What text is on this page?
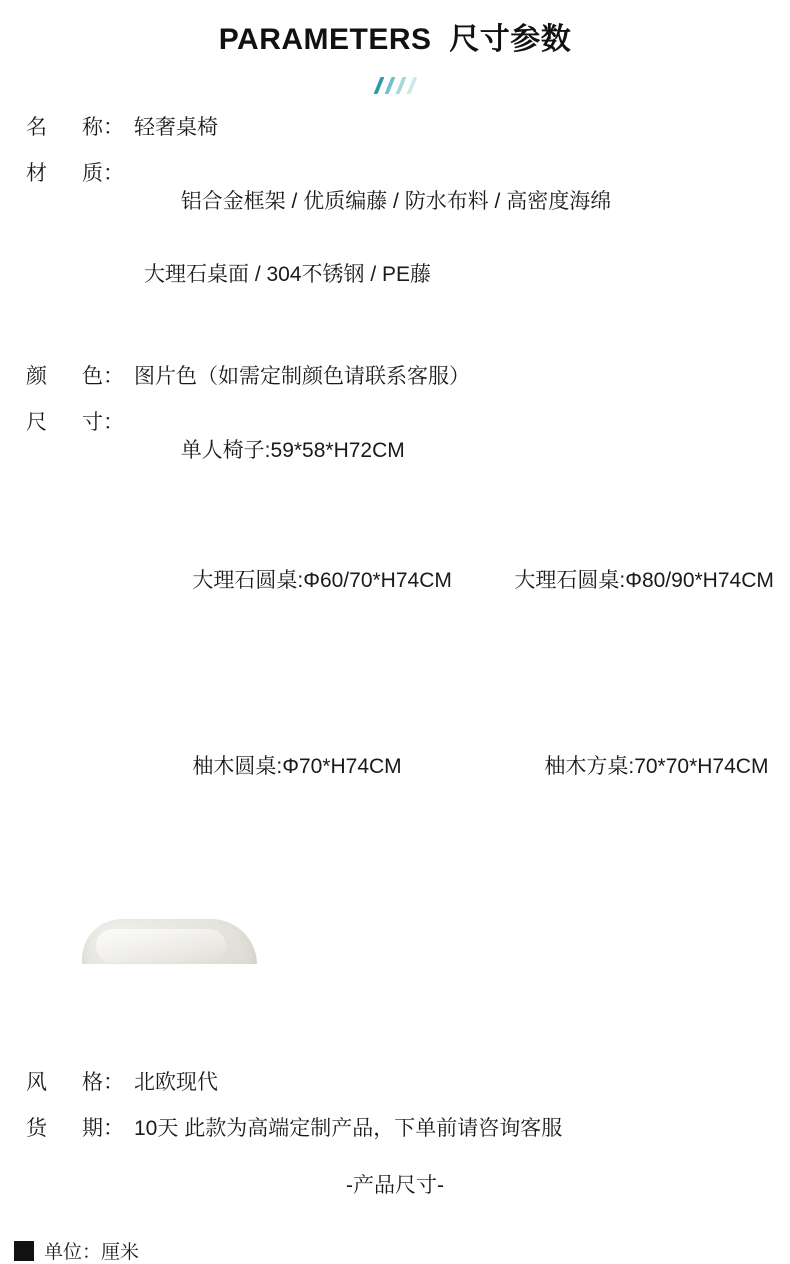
PARAMETERS  尺寸参数
名      称： 轻奢桌椅
材      质：

铝合金框架 / 优质编藤 / 防水布料 / 高密度海绵

大理石桌面 / 304不锈钢 / PE藤

颜      色： 图片色（如需定制颜色请联系客服）
尺      寸：

单人椅子:59*58*H72CM

大理石圆桌:Φ60/70*H74CM	大理石圆桌:Φ80/90*H74CM

柚木圆桌:Φ70*H74CM	柚木方桌:70*70*H74CM

风      格： 北欧现代
货      期： 10天 此款为高端定制产品，下单前请咨询客服
-产品尺寸-
单位：厘米
